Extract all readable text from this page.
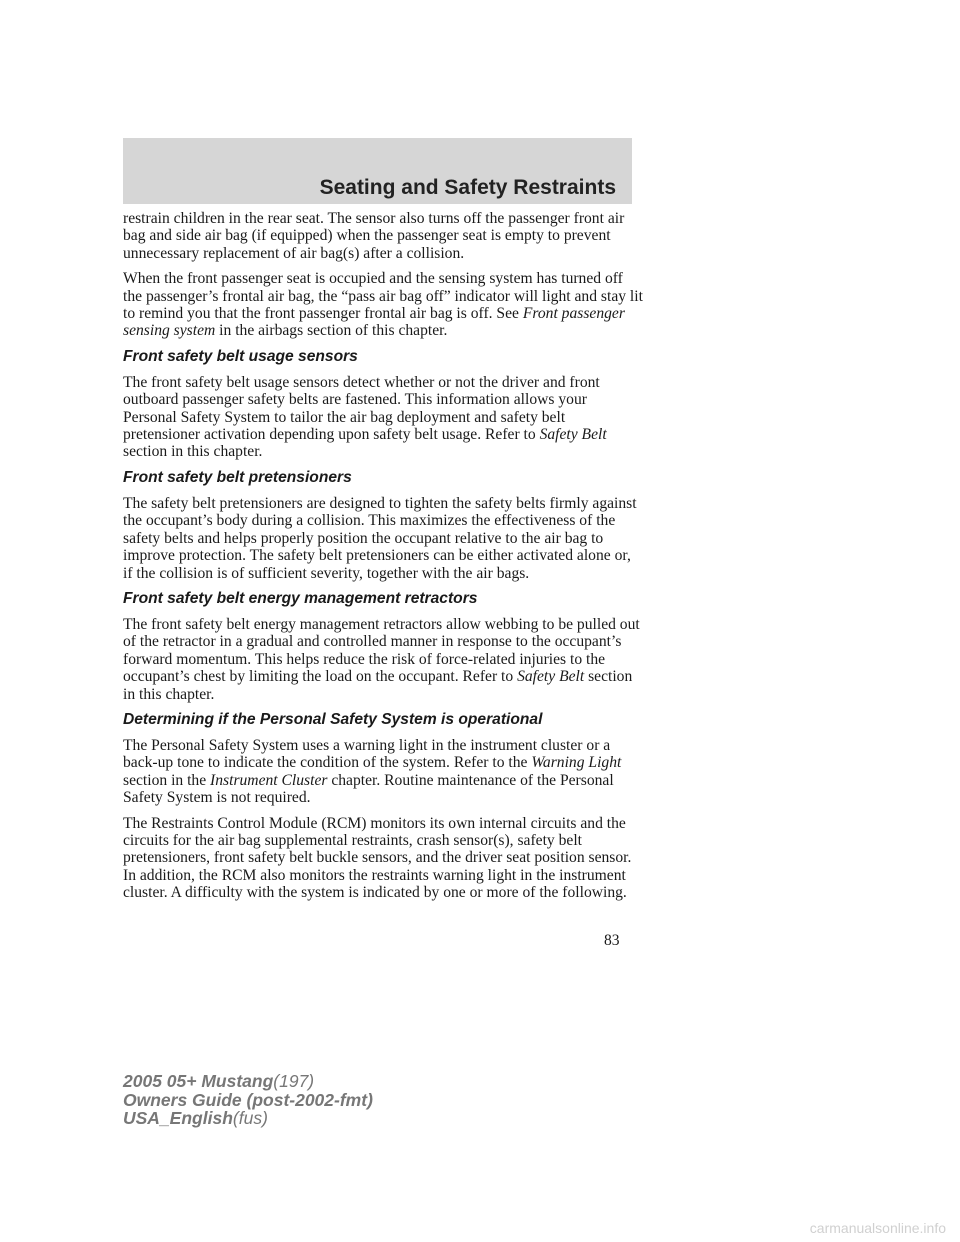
Seating and Safety Restraints

restrain children in the rear seat. The sensor also turns off the passenger front air bag and side air bag (if equipped) when the passenger seat is empty to prevent unnecessary replacement of air bag(s) after a collision.

When the front passenger seat is occupied and the sensing system has turned off the passenger’s frontal air bag, the “pass air bag off” indicator will light and stay lit to remind you that the front passenger frontal air bag is off. See Front passenger sensing system in the airbags section of this chapter.

Front safety belt usage sensors

The front safety belt usage sensors detect whether or not the driver and front outboard passenger safety belts are fastened. This information allows your Personal Safety System to tailor the air bag deployment and safety belt pretensioner activation depending upon safety belt usage. Refer to Safety Belt section in this chapter.

Front safety belt pretensioners

The safety belt pretensioners are designed to tighten the safety belts firmly against the occupant’s body during a collision. This maximizes the effectiveness of the safety belts and helps properly position the occupant relative to the air bag to improve protection. The safety belt pretensioners can be either activated alone or, if the collision is of sufficient severity, together with the air bags.

Front safety belt energy management retractors

The front safety belt energy management retractors allow webbing to be pulled out of the retractor in a gradual and controlled manner in response to the occupant’s forward momentum. This helps reduce the risk of force-related injuries to the occupant’s chest by limiting the load on the occupant. Refer to Safety Belt section in this chapter.

Determining if the Personal Safety System is operational

The Personal Safety System uses a warning light in the instrument cluster or a back-up tone to indicate the condition of the system. Refer to the Warning Light section in the Instrument Cluster chapter. Routine maintenance of the Personal Safety System is not required.

The Restraints Control Module (RCM) monitors its own internal circuits and the circuits for the air bag supplemental restraints, crash sensor(s), safety belt pretensioners, front safety belt buckle sensors, and the driver seat position sensor. In addition, the RCM also monitors the restraints warning light in the instrument cluster. A difficulty with the system is indicated by one or more of the following.

83
2005 05+ Mustang(197)
Owners Guide (post-2002-fmt)
USA_English(fus)
carmanualsonline.info
